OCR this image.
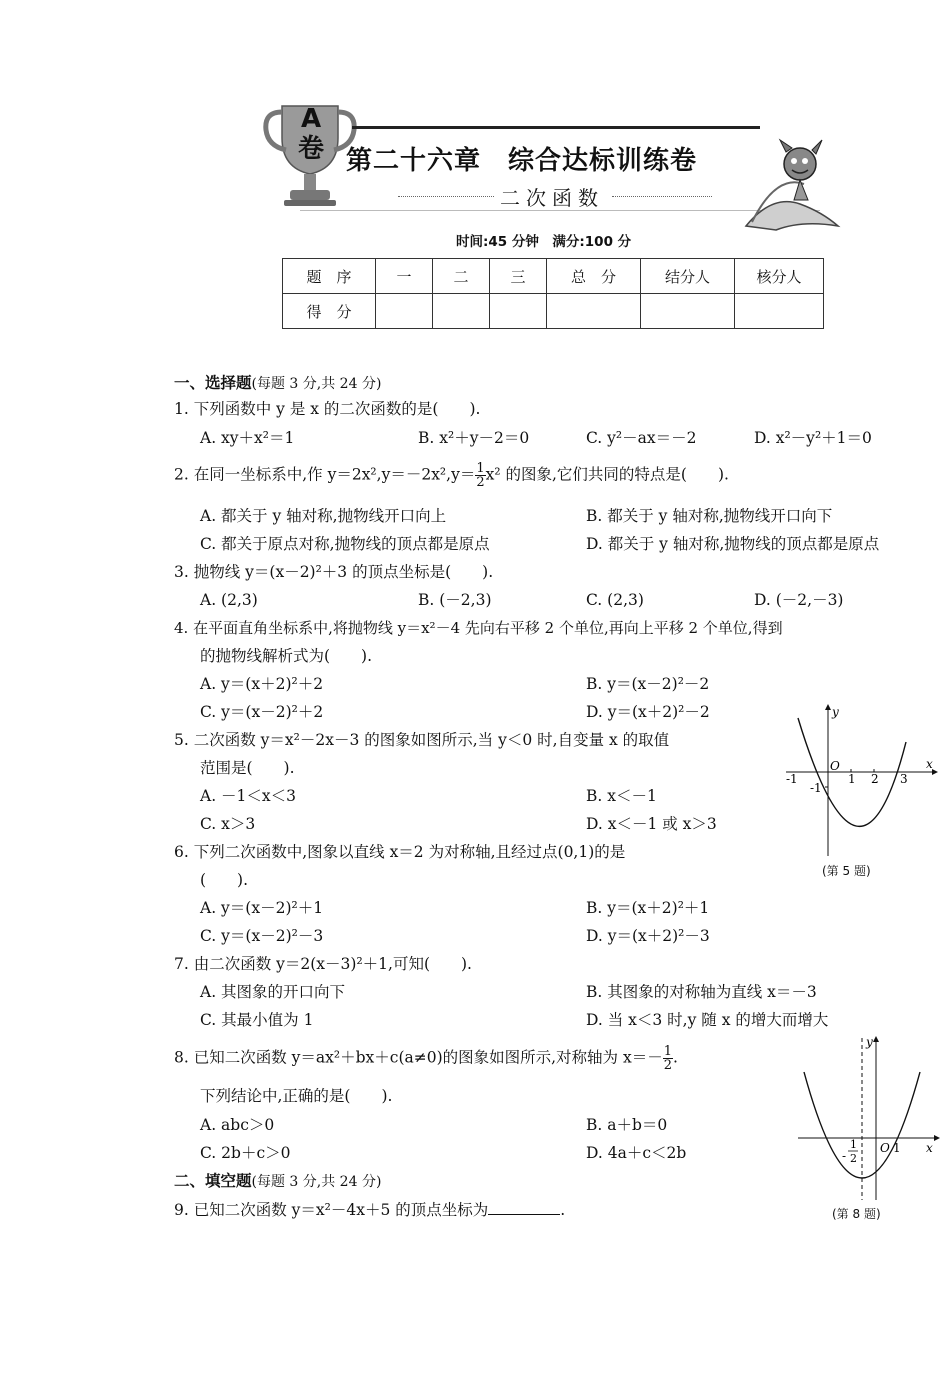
A卷 第二十六章　综合达标训练卷
二次函数
时间:45 分钟　满分:100 分
题　序	一	二	三	总　分	结分人	核分人
得　分						
一、选择题(每题 3 分,共 24 分)
1. 下列函数中 y 是 x 的二次函数的是(　　).
A. xy＋x²＝1	B. x²＋y－2＝0	C. y²－ax＝－2	D. x²－y²＋1＝0
2. 在同一坐标系中,作 $y=2x^2,y=-2x^2,y= \frac{1}{2} x^2$ 的图象,它们共同的特点是(　　).
A. 都关于 y 轴对称,抛物线开口向上	B. 都关于 y 轴对称,抛物线开口向下
C. 都关于原点对称,抛物线的顶点都是原点	D. 都关于 y 轴对称,抛物线的顶点都是原点
3. 抛物线 y＝(x－2)²＋3 的顶点坐标是(　　).
A. (2,3)	B. (－2,3)	C. (2,3)	D. (－2,－3)
4. 在平面直角坐标系中,将抛物线 y＝x²－4 先向右平移 2 个单位,再向上平移 2 个单位,得到
的抛物线解析式为(　　).
A. y＝(x＋2)²＋2	B. y＝(x－2)²－2
C. y＝(x－2)²＋2	D. y＝(x＋2)²－2
5. 二次函数 y＝x²－2x－3 的图象如图所示,当 y＜0 时,自变量 x 的取值
范围是(　　).
A. －1＜x＜3	B. x＜－1
C. x＞3	D. x＜－1 或 x＞3
y
x
O
1 2 3
-1
-1
(第 5 题)
6. 下列二次函数中,图象以直线 x＝2 为对称轴,且经过点(0,1)的是
(　　).
A. y＝(x－2)²＋1	B. y＝(x＋2)²＋1
C. y＝(x－2)²－3	D. y＝(x＋2)²－3
7. 由二次函数 y＝2(x－3)²＋1,可知(　　).
A. 其图象的开口向下	B. 其图象的对称轴为直线 x＝－3
C. 其最小值为 1	D. 当 x＜3 时,y 随 x 的增大而增大
8. 已知二次函数 y＝ax²＋bx＋c(a≠0)的图象如图所示,对称轴为 $x=- \frac{1}{2}$ .
下列结论中,正确的是(　　).
A. abc＞0	B. a＋b＝0
C. 2b＋c＞0	D. 4a＋c＜2b
y
x
O 1
-
1
2
(第 8 题)
二、填空题(每题 3 分,共 24 分)
9. 已知二次函数 y＝x²－4x＋5 的顶点坐标为	.
